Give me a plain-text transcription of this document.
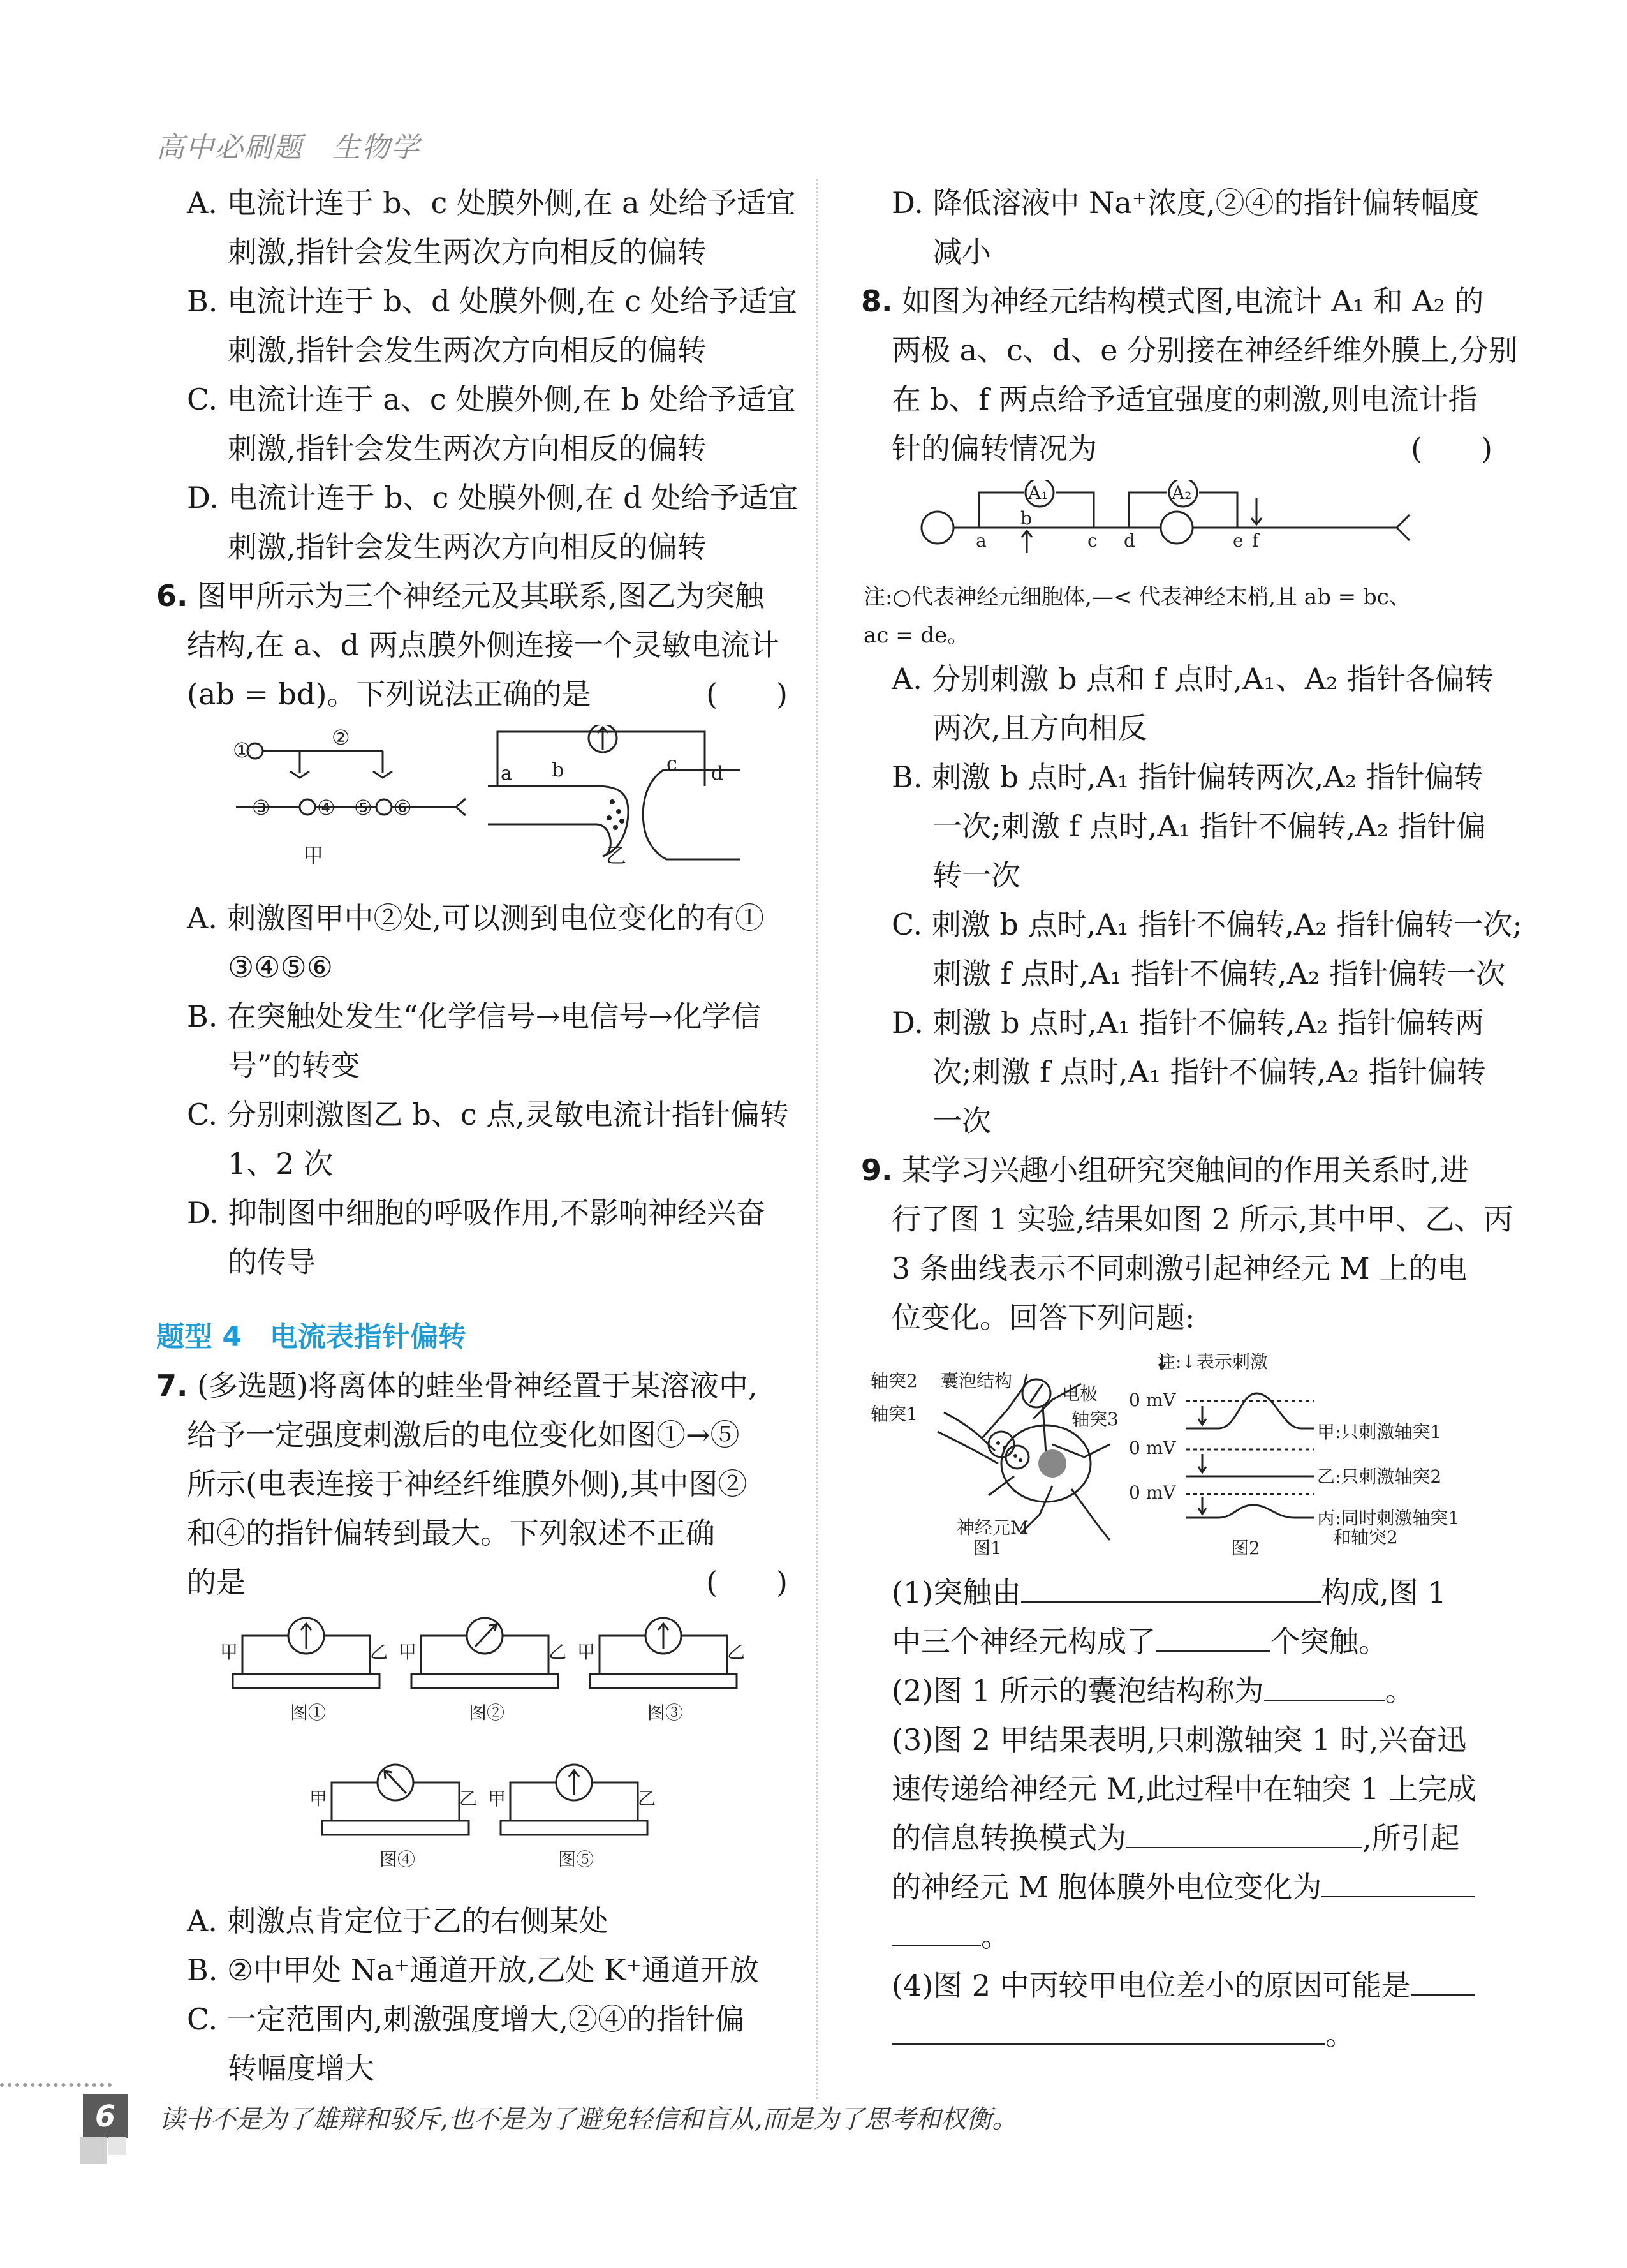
高中必刷题　生物学
A. 电流计连于 b、c 处膜外侧,在 a 处给予适宜
刺激,指针会发生两次方向相反的偏转
B. 电流计连于 b、d 处膜外侧,在 c 处给予适宜
刺激,指针会发生两次方向相反的偏转
C. 电流计连于 a、c 处膜外侧,在 b 处给予适宜
刺激,指针会发生两次方向相反的偏转
D. 电流计连于 b、c 处膜外侧,在 d 处给予适宜
刺激,指针会发生两次方向相反的偏转
6. 图甲所示为三个神经元及其联系,图乙为突触
结构,在 a、d 两点膜外侧连接一个灵敏电流计
(ab = bd)。下列说法正确的是	(　　)
①
②
③ ④ ⑤ ⑥
甲	乙
a b	c d
A. 刺激图甲中②处,可以测到电位变化的有①
③④⑤⑥
B. 在突触处发生“化学信号→电信号→化学信
号”的转变
C. 分别刺激图乙 b、c 点,灵敏电流计指针偏转
1、2 次
D. 抑制图中细胞的呼吸作用,不影响神经兴奋
的传导
题型 4　电流表指针偏转
7. (多选题)将离体的蛙坐骨神经置于某溶液中,
给予一定强度刺激后的电位变化如图①→⑤
所示(电表连接于神经纤维膜外侧),其中图②
和④的指针偏转到最大。下列叙述不正确
的是	(　　)
甲	乙 甲	乙 甲	乙
甲	乙 甲	乙
图①	图②	图③
图④	图⑤
A. 刺激点肯定位于乙的右侧某处
B. ②中甲处 Na⁺通道开放,乙处 K⁺通道开放
C. 一定范围内,刺激强度增大,②④的指针偏
转幅度增大
D. 降低溶液中 Na⁺浓度,②④的指针偏转幅度
减小
8. 如图为神经元结构模式图,电流计 A₁ 和 A₂ 的
两极 a、c、d、e 分别接在神经纤维外膜上,分别
在 b、f 两点给予适宜强度的刺激,则电流计指
针的偏转情况为	(　　)
A₁	A₂
a
b
c d	e f
注:○代表神经元细胞体,—< 代表神经末梢,且 ab = bc、
ac = de。
A. 分别刺激 b 点和 f 点时,A₁、A₂ 指针各偏转
两次,且方向相反
B. 刺激 b 点时,A₁ 指针偏转两次,A₂ 指针偏转
一次;刺激 f 点时,A₁ 指针不偏转,A₂ 指针偏
转一次
C. 刺激 b 点时,A₁ 指针不偏转,A₂ 指针偏转一次;
刺激 f 点时,A₁ 指针不偏转,A₂ 指针偏转一次
D. 刺激 b 点时,A₁ 指针不偏转,A₂ 指针偏转两
次;刺激 f 点时,A₁ 指针不偏转,A₂ 指针偏转
一次
9. 某学习兴趣小组研究突触间的作用关系时,进
行了图 1 实验,结果如图 2 所示,其中甲、乙、丙
3 条曲线表示不同刺激引起神经元 M 上的电
位变化。回答下列问题:
轴突2 囊泡结构
轴突1
电极
轴突3
神经元M
图1	图2
注:↓表示刺激
0 mV
0 mV
0 mV
甲:只刺激轴突1
乙:只刺激轴突2
丙:同时刺激轴突1
和轴突2
(1)突触由	构成,图 1
中三个神经元构成了	个突触。
(2)图 1 所示的囊泡结构称为	。
(3)图 2 甲结果表明,只刺激轴突 1 时,兴奋迅
速传递给神经元 M,此过程中在轴突 1 上完成
的信息转换模式为	,所引起
的神经元 M 胞体膜外电位变化为
。
(4)图 2 中丙较甲电位差小的原因可能是
。
6	读书不是为了雄辩和驳斥,也不是为了避免轻信和盲从,而是为了思考和权衡。
